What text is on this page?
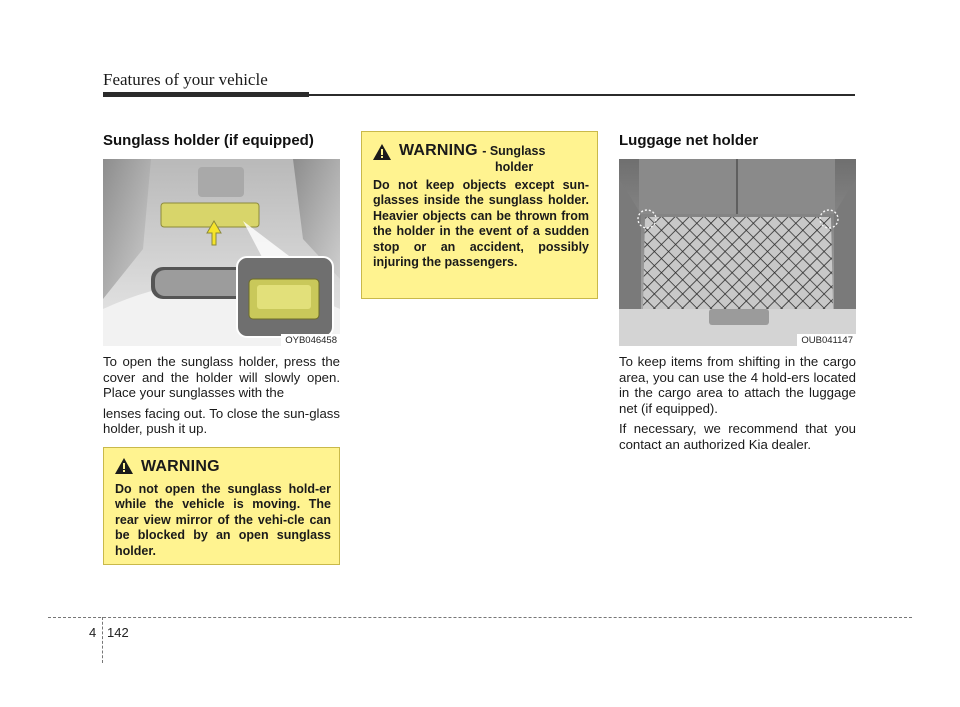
Features of your vehicle
Sunglass holder (if equipped)
OYB046458

To open the sunglass holder, press the cover and the holder will slowly open. Place your sunglasses with the

lenses facing out. To close the sun-glass holder, push it up.

WARNING
Do not open the sunglass hold-er while the vehicle is moving. The rear view mirror of the vehi-cle can be blocked by an open sunglass holder.
WARNING - Sunglass
holder
Do not keep objects except sun-glasses inside the sunglass holder. Heavier objects can be thrown from the holder in the event of a sudden stop or an accident, possibly injuring the passengers.
Luggage net holder
OUB041147

To keep items from shifting in the cargo area, you can use the 4 hold-ers located in the cargo area to attach the luggage net (if equipped).

If necessary, we recommend that you contact an authorized Kia dealer.

4 142
